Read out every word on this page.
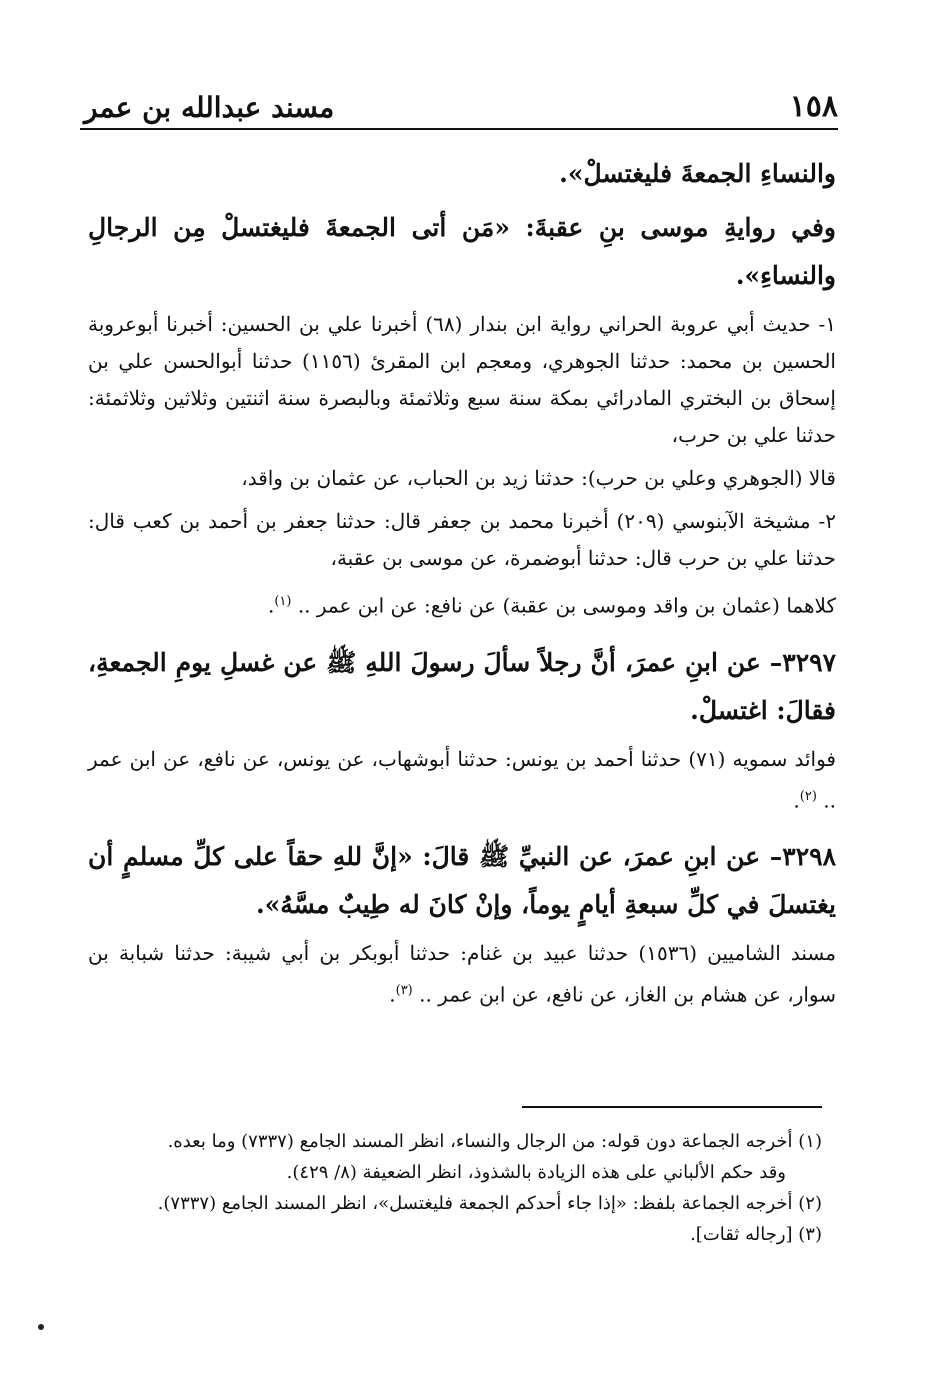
مسند عبدالله بن عمر	١٥٨

والنساءِ الجمعةَ فليغتسلْ».

وفي روايةِ موسى بنِ عقبةَ: «مَن أتى الجمعةَ فليغتسلْ مِن الرجالِ والنساءِ».

١- حديث أبي عروبة الحراني رواية ابن بندار (٦٨) أخبرنا علي بن الحسين: أخبرنا أبوعروبة الحسين بن محمد: حدثنا الجوهري، ومعجم ابن المقرئ (١١٥٦) حدثنا أبوالحسن علي بن إسحاق بن البختري المادرائي بمكة سنة سبع وثلاثمئة وبالبصرة سنة اثنتين وثلاثين وثلاثمئة: حدثنا علي بن حرب،

قالا (الجوهري وعلي بن حرب): حدثنا زيد بن الحباب، عن عثمان بن واقد،

٢- مشيخة الآبنوسي (٢٠٩) أخبرنا محمد بن جعفر قال: حدثنا جعفر بن أحمد بن كعب قال: حدثنا علي بن حرب قال: حدثنا أبوضمرة، عن موسى بن عقبة،

كلاهما (عثمان بن واقد وموسى بن عقبة) عن نافع: عن ابن عمر .. $^{(١)}$.

٣٢٩٧– عن ابنِ عمرَ، أنَّ رجلاً سألَ رسولَ اللهِ ﷺ عن غسلِ يومِ الجمعةِ، فقالَ: اغتسلْ.

فوائد سمويه (٧١) حدثنا أحمد بن يونس: حدثنا أبوشهاب، عن يونس، عن نافع، عن ابن عمر .. $^{(٢)}$.

٣٢٩٨– عن ابنِ عمرَ، عن النبيِّ ﷺ قالَ: «إنَّ للهِ حقاً على كلِّ مسلمٍ أن يغتسلَ في كلِّ سبعةِ أيامٍ يوماً، وإنْ كانَ له طِيبٌ مسَّهُ».

مسند الشاميين (١٥٣٦) حدثنا عبيد بن غنام: حدثنا أبوبكر بن أبي شيبة: حدثنا شبابة بن سوار، عن هشام بن الغاز، عن نافع، عن ابن عمر .. $^{(٣)}$.

(١) أخرجه الجماعة دون قوله: من الرجال والنساء، انظر المسند الجامع (٧٣٣٧) وما بعده.

وقد حكم الألباني على هذه الزيادة بالشذوذ، انظر الضعيفة (٨/ ٤٢٩).

(٢) أخرجه الجماعة بلفظ: «إذا جاء أحدكم الجمعة فليغتسل»، انظر المسند الجامع (٧٣٣٧).

(٣) [رجاله ثقات].
